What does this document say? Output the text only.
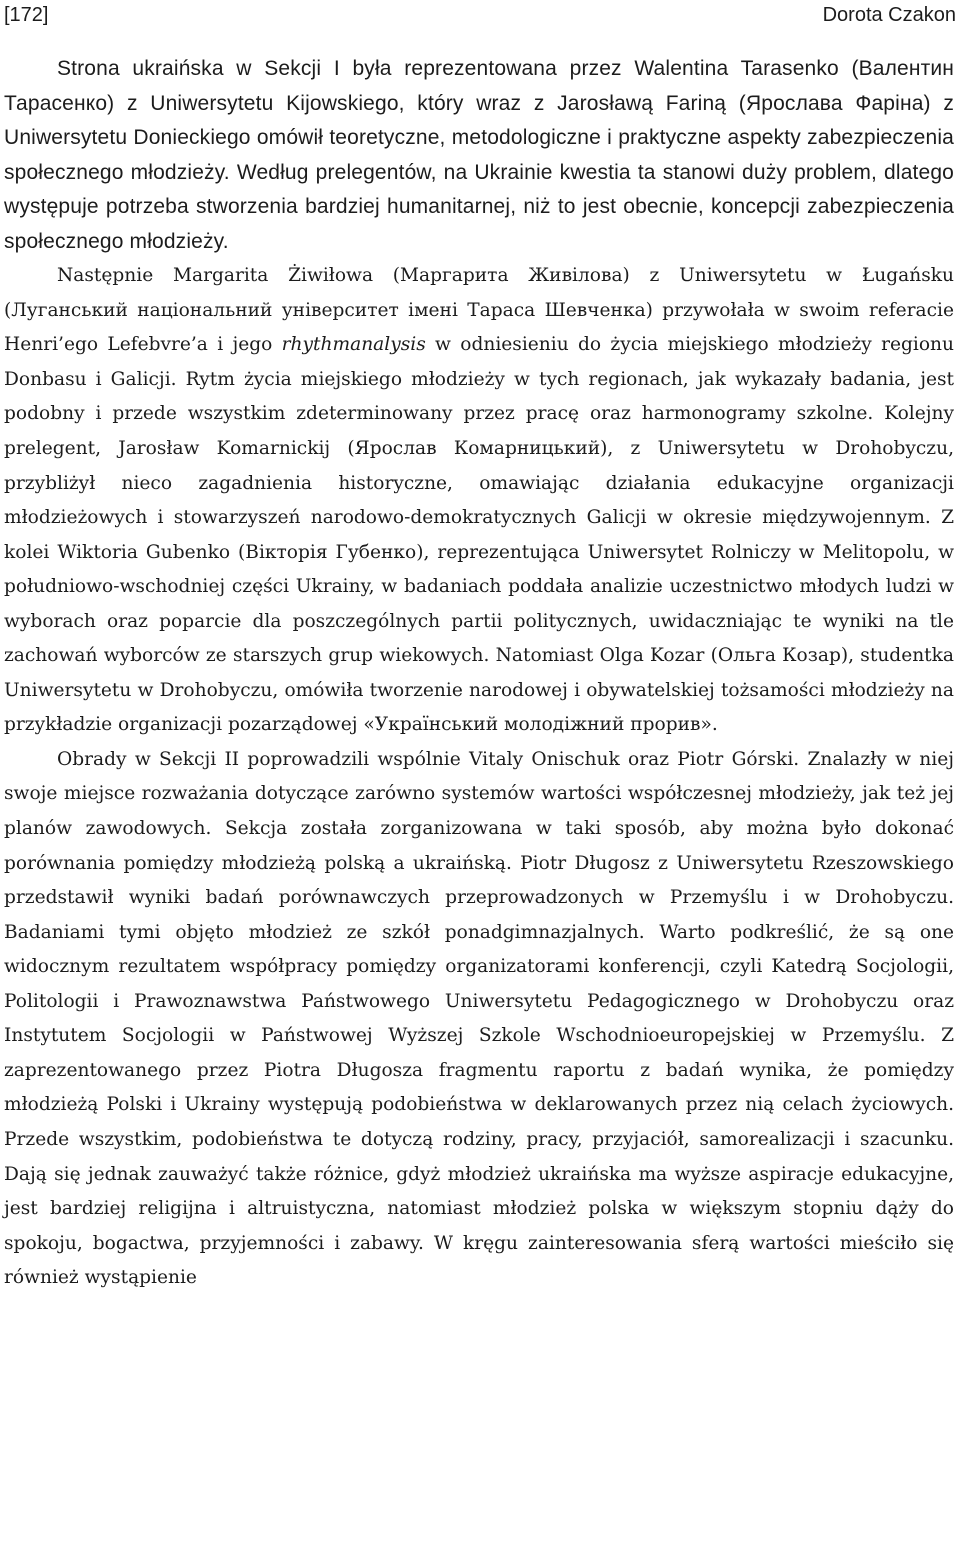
[172]	Dorota Czakon

Strona ukraińska w Sekcji I była reprezentowana przez Walentina Tarasenko (Валентин Тарасенко) z Uniwersytetu Kijowskiego, który wraz z Jarosławą Fariną (Ярослава Фаріна) z Uniwersytetu Donieckiego omówił teoretyczne, metodologiczne i praktyczne aspekty zabezpieczenia społecznego młodzieży. Według prelegentów, na Ukrainie kwestia ta stanowi duży problem, dlatego występuje potrzeba stworzenia bardziej humanitarnej, niż to jest obecnie, koncepcji zabezpieczenia społecznego młodzieży.

Następnie Margarita Żiwiłowa (Маргарита Живілова) z Uniwersytetu w Ługańsku (Луганський національний університет імені Тараса Шевченка) przywołała w swoim referacie Henri’ego Lefebvre’a i jego rhythmanalysis w odniesieniu do życia miejskiego młodzieży regionu Donbasu i Galicji. Rytm życia miejskiego młodzieży w tych regionach, jak wykazały badania, jest podobny i przede wszystkim zdeterminowany przez pracę oraz harmonogramy szkolne. Kolejny prelegent, Jarosław Komarnickij (Ярослав Комарницький), z Uniwersytetu w Drohobyczu, przybliżył nieco zagadnienia historyczne, omawiając działania edukacyjne organizacji młodzieżowych i stowarzyszeń narodowo-demokratycznych Galicji w okresie międzywojennym. Z kolei Wiktoria Gubenko (Вікторія Губенко), reprezentująca Uniwersytet Rolniczy w Melitopolu, w południowo-wschodniej części Ukrainy, w badaniach poddała analizie uczestnictwo młodych ludzi w wyborach oraz poparcie dla poszczególnych partii politycznych, uwidaczniając te wyniki na tle zachowań wyborców ze starszych grup wiekowych. Natomiast Olga Kozar (Ольга Козар), studentka Uniwersytetu w Drohobyczu, omówiła tworzenie narodowej i obywatelskiej tożsamości młodzieży na przykładzie organizacji pozarządowej «Український молодіжний прорив».

Obrady w Sekcji II poprowadzili wspólnie Vitaly Onischuk oraz Piotr Górski. Znalazły w niej swoje miejsce rozważania dotyczące zarówno systemów wartości współczesnej młodzieży, jak też jej planów zawodowych. Sekcja została zorganizowana w taki sposób, aby można było dokonać porównania pomiędzy młodzieżą polską a ukraińską. Piotr Długosz z Uniwersytetu Rzeszowskiego przedstawił wyniki badań porównawczych przeprowadzonych w Przemyślu i w Drohobyczu. Badaniami tymi objęto młodzież ze szkół ponadgimnazjalnych. Warto podkreślić, że są one widocznym rezultatem współpracy pomiędzy organizatorami konferencji, czyli Katedrą Socjologii, Politologii i Prawoznawstwa Państwowego Uniwersytetu Pedagogicznego w Drohobyczu oraz Instytutem Socjologii w Państwowej Wyższej Szkole Wschodnioeuropejskiej w Przemyślu. Z zaprezentowanego przez Piotra Długosza fragmentu raportu z badań wynika, że pomiędzy młodzieżą Polski i Ukrainy występują podobieństwa w deklarowanych przez nią celach życiowych. Przede wszystkim, podobieństwa te dotyczą rodziny, pracy, przyjaciół, samorealizacji i szacunku. Dają się jednak zauważyć także różnice, gdyż młodzież ukraińska ma wyższe aspiracje edukacyjne, jest bardziej religijna i altruistyczna, natomiast młodzież polska w większym stopniu dąży do spokoju, bogactwa, przyjemności i zabawy. W kręgu zainteresowania sferą wartości mieściło się również wystąpienie
